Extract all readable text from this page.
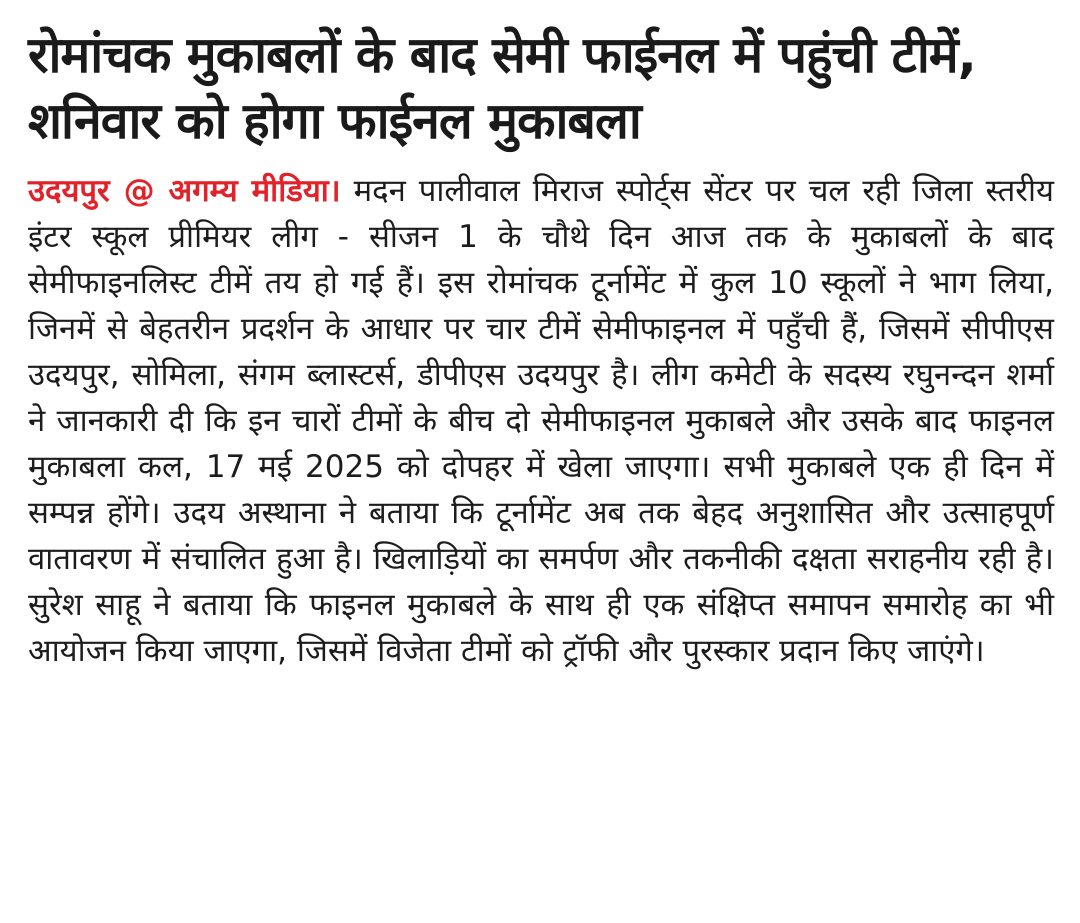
रोमांचक मुकाबलों के बाद सेमी फाईनल में पहुंची टीमें, शनिवार को होगा फाईनल मुकाबला

उदयपुर @ अगम्य मीडिया। मदन पालीवाल मिराज स्पोर्ट्स सेंटर पर चल रही जिला स्तरीय इंटर स्कूल प्रीमियर लीग - सीजन 1 के चौथे दिन आज तक के मुकाबलों के बाद सेमीफाइनलिस्ट टीमें तय हो गई हैं। इस रोमांचक टूर्नामेंट में कुल 10 स्कूलों ने भाग लिया, जिनमें से बेहतरीन प्रदर्शन के आधार पर चार टीमें सेमीफाइनल में पहुँची हैं, जिसमें सीपीएस उदयपुर, सोमिला, संगम ब्लास्टर्स, डीपीएस उदयपुर है। लीग कमेटी के सदस्य रघुनन्दन शर्मा ने जानकारी दी कि इन चारों टीमों के बीच दो सेमीफाइनल मुकाबले और उसके बाद फाइनल मुकाबला कल, 17 मई 2025 को दोपहर में खेला जाएगा। सभी मुकाबले एक ही दिन में सम्पन्न होंगे। उदय अस्थाना ने बताया कि टूर्नामेंट अब तक बेहद अनुशासित और उत्साहपूर्ण वातावरण में संचालित हुआ है। खिलाड़ियों का समर्पण और तकनीकी दक्षता सराहनीय रही है। सुरेश साहू ने बताया कि फाइनल मुकाबले के साथ ही एक संक्षिप्त समापन समारोह का भी आयोजन किया जाएगा, जिसमें विजेता टीमों को ट्रॉफी और पुरस्कार प्रदान किए जाएंगे।
